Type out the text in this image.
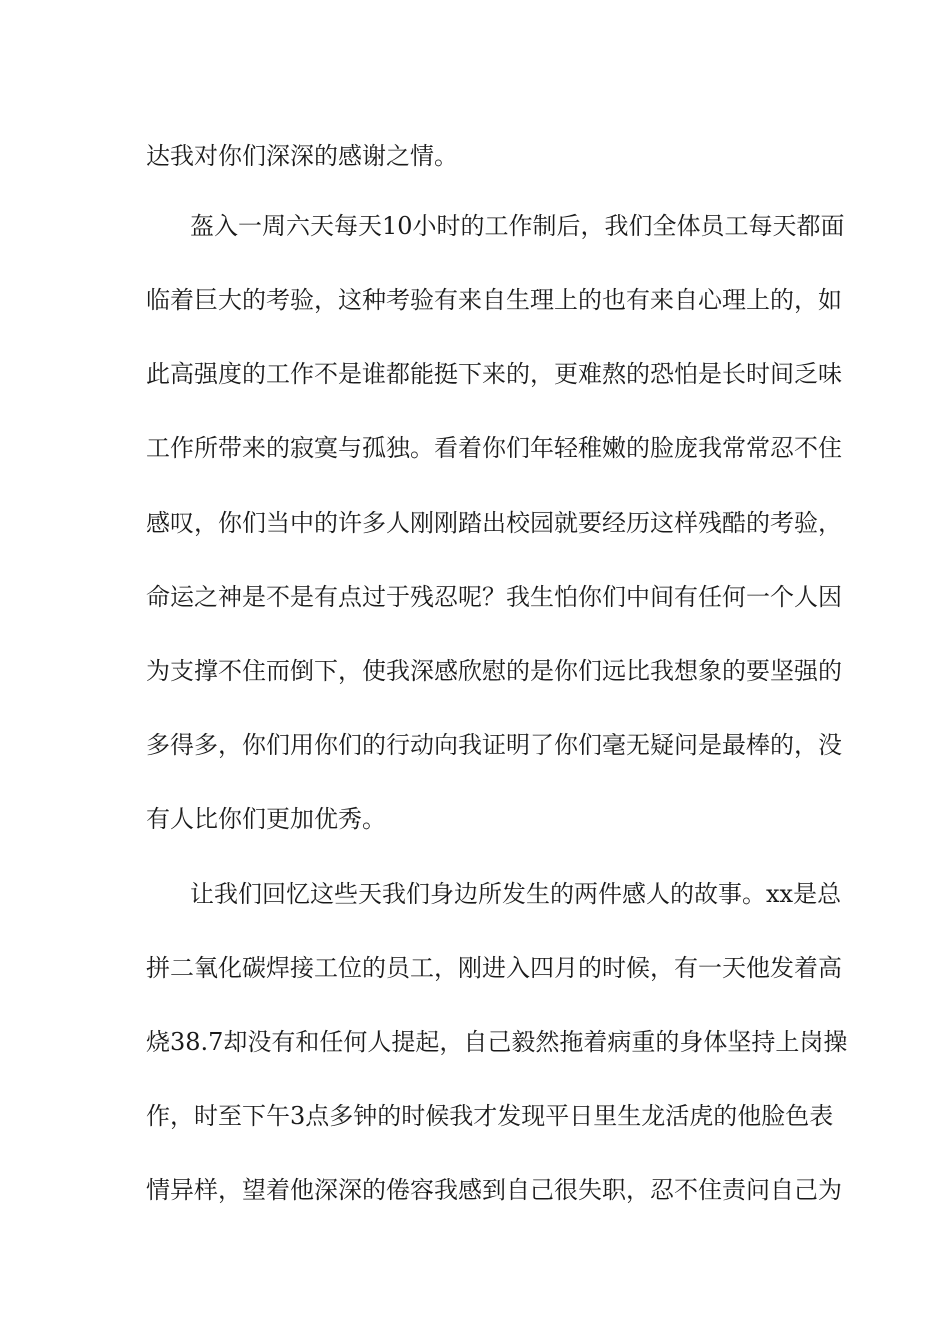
达我对你们深深的感谢之情。
盔入一周六天每天10小时的工作制后，我们全体员工每天都面
临着巨大的考验，这种考验有来自生理上的也有来自心理上的，如
此高强度的工作不是谁都能挺下来的，更难熬的恐怕是长时间乏味
工作所带来的寂寞与孤独。看着你们年轻稚嫩的脸庞我常常忍不住
感叹，你们当中的许多人刚刚踏出校园就要经历这样残酷的考验，
命运之神是不是有点过于残忍呢？我生怕你们中间有任何一个人因
为支撑不住而倒下，使我深感欣慰的是你们远比我想象的要坚强的
多得多，你们用你们的行动向我证明了你们毫无疑问是最棒的，没
有人比你们更加优秀。
让我们回忆这些天我们身边所发生的两件感人的故事。xx是总
拼二氧化碳焊接工位的员工，刚进入四月的时候，有一天他发着高
烧38.7却没有和任何人提起，自己毅然拖着病重的身体坚持上岗操
作，时至下午3点多钟的时候我才发现平日里生龙活虎的他脸色表
情异样，望着他深深的倦容我感到自己很失职，忍不住责问自己为
